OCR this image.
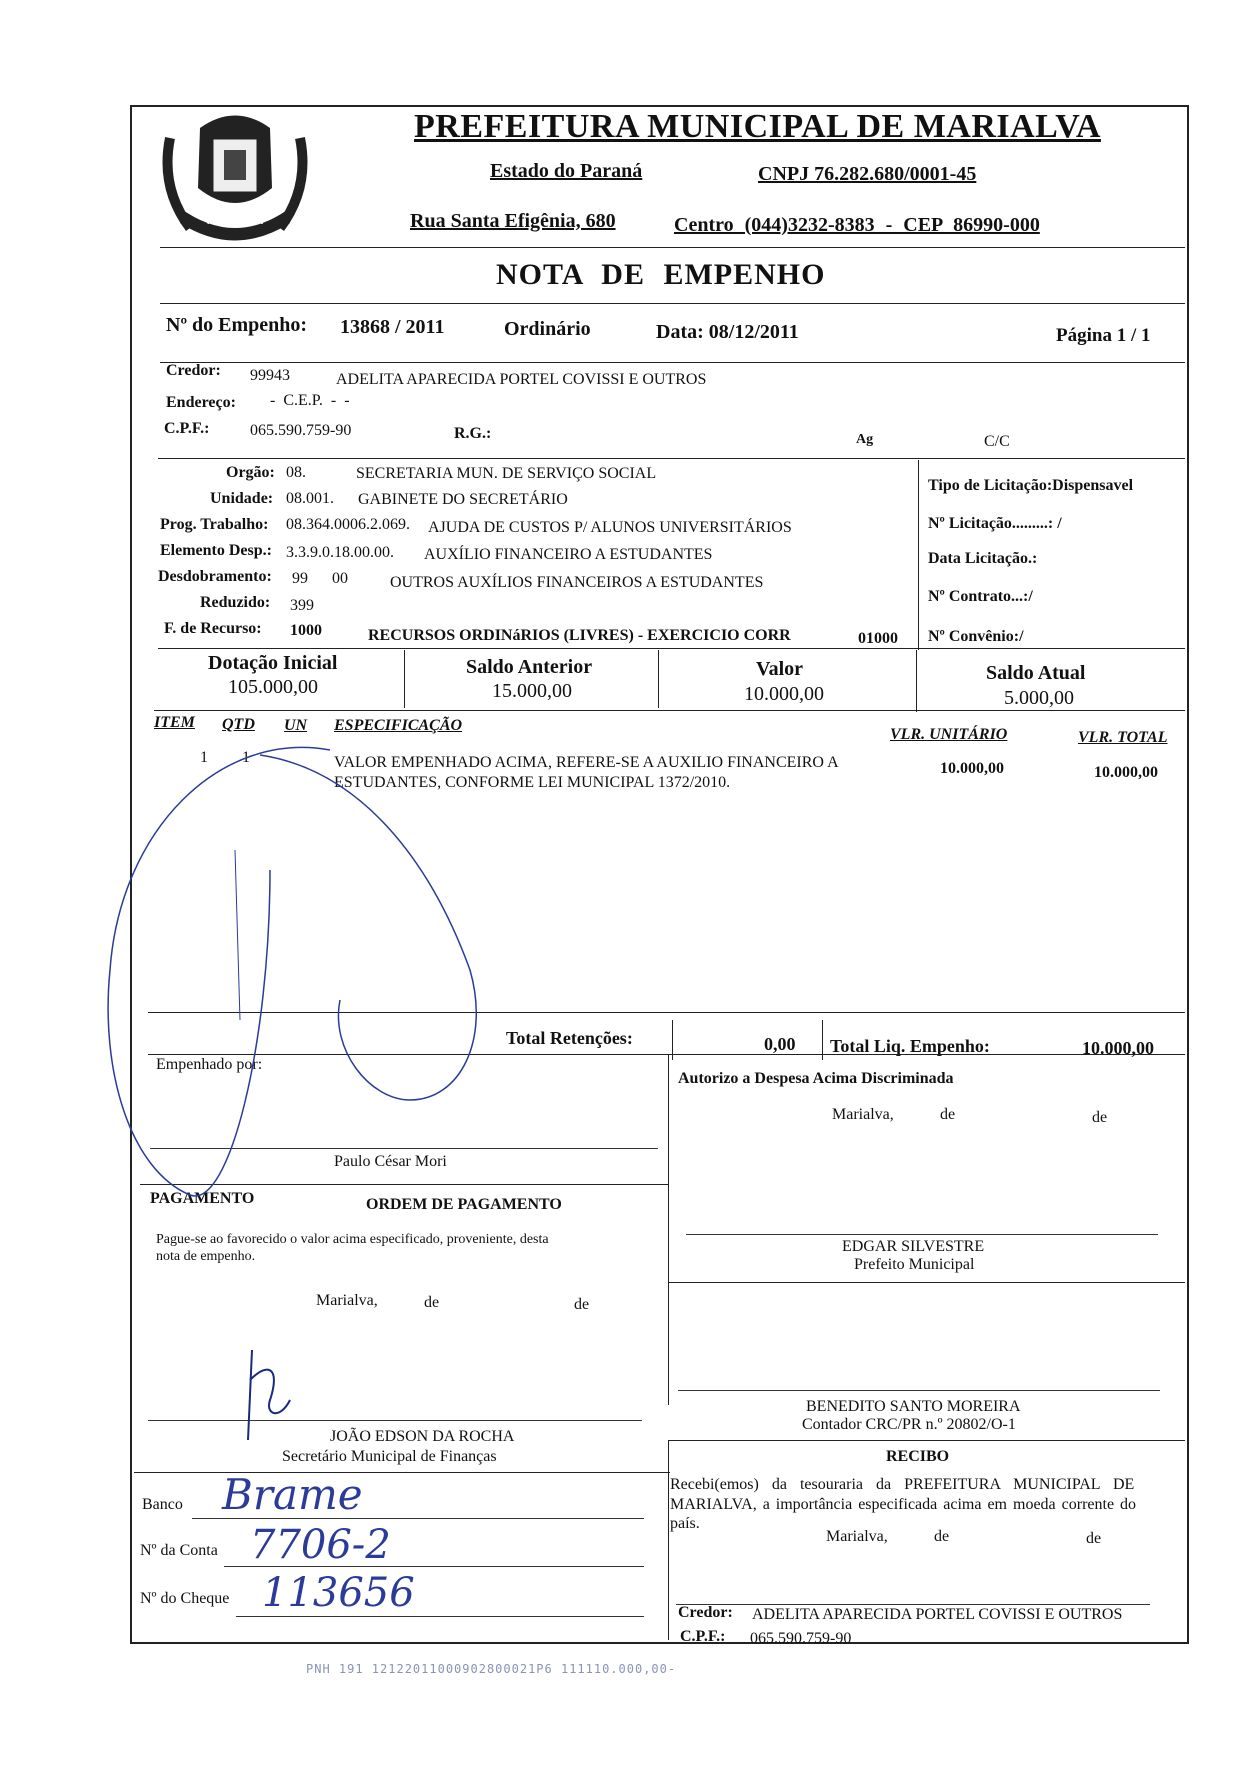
MARIALVA
PREFEITURA MUNICIPAL DE MARIALVA
Estado do Paraná	CNPJ 76.282.680/0001-45
Rua Santa Efigênia, 680	Centro (044)3232-8383 - CEP 86990-000
NOTA DE EMPENHO
Nº do Empenho: 13868 / 2011	Ordinário	Data: 08/12/2011	Página 1 / 1
Credor: 99943	ADELITA APARECIDA PORTEL COVISSI E OUTROS
Endereço: - C.E.P. - -
C.P.F.:	065.590.759-90	R.G.:	Ag	C/C
Orgão: 08.	SECRETARIA MUN. DE SERVIÇO SOCIAL
Unidade: 08.001. GABINETE DO SECRETÁRIO
Prog. Trabalho: 08.364.0006.2.069. AJUDA DE CUSTOS P/ ALUNOS UNIVERSITÁRIOS
Elemento Desp.: 3.3.9.0.18.00.00. AUXÍLIO FINANCEIRO A ESTUDANTES
Desdobramento: 99 00	OUTROS AUXÍLIOS FINANCEIROS A ESTUDANTES
Reduzido: 399
F. de Recurso: 1000	RECURSOS ORDINáRIOS (LIVRES) - EXERCICIO CORR	01000
Tipo de Licitação:Dispensavel
Nº Licitação.........: /
Data Licitação.:
Nº Contrato...:/
Nº Convênio:/
Dotação Inicial
105.000,00
Saldo Anterior
15.000,00
Valor
10.000,00
Saldo Atual
5.000,00
ITEM QTD UN ESPECIFICAÇÃO
VLR. UNITÁRIO	VLR. TOTAL
1 1	VALOR EMPENHADO ACIMA, REFERE-SE A AUXILIO FINANCEIRO A
ESTUDANTES, CONFORME LEI MUNICIPAL 1372/2010.
10.000,00	10.000,00
Total Retenções:	0,00 Total Liq. Empenho:	10.000,00
Empenhado por:
Paulo César Mori
Autorizo a Despesa Acima Discriminada
Marialva,	de	de
EDGAR SILVESTRE
Prefeito Municipal
BENEDITO SANTO MOREIRA
Contador CRC/PR n.º 20802/O-1
PAGAMENTO	ORDEM DE PAGAMENTO
Pague-se ao favorecido o valor acima especificado, proveniente, desta
nota de empenho.
Marialva,	de	de
JOÃO EDSON DA ROCHA
Secretário Municipal de Finanças	RECIBO
Recebi(emos) da tesouraria da PREFEITURA MUNICIPAL DE
MARIALVA, a importância especificada acima em moeda corrente do
país.
Marialva,	de	de
Credor: ADELITA APARECIDA PORTEL COVISSI E OUTROS
C.P.F.: 065.590.759-90
Banco Brame
Nº da Conta 7706-2
Nº do Cheque 113656
PNH 191 12122011000902800021P6 111110.000,00-
